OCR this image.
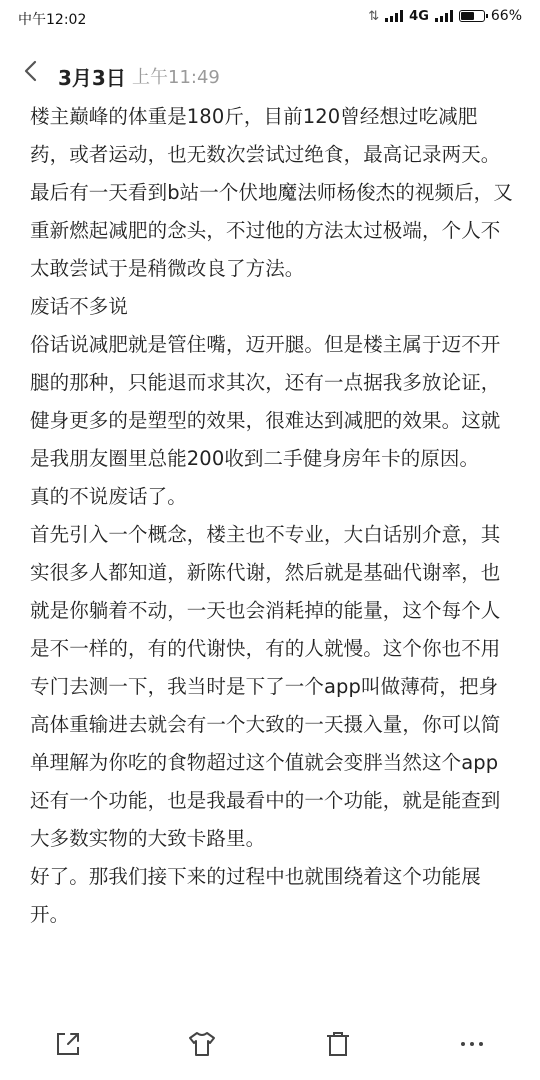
中午12:02	⇅ 4G	66%
3月3日 上午11:49

楼主巅峰的体重是180斤，目前120曾经想过吃减肥药，或者运动，也无数次尝试过绝食，最高记录两天。最后有一天看到b站一个伏地魔法师杨俊杰的视频后，又重新燃起减肥的念头，不过他的方法太过极端，个人不太敢尝试于是稍微改良了方法。

废话不多说

俗话说减肥就是管住嘴，迈开腿。但是楼主属于迈不开腿的那种，只能退而求其次，还有一点据我多放论证，健身更多的是塑型的效果，很难达到减肥的效果。这就是我朋友圈里总能200收到二手健身房年卡的原因。

真的不说废话了。

首先引入一个概念，楼主也不专业，大白话别介意，其实很多人都知道，新陈代谢，然后就是基础代谢率，也就是你躺着不动，一天也会消耗掉的能量，这个每个人是不一样的，有的代谢快，有的人就慢。这个你也不用专门去测一下，我当时是下了一个app叫做薄荷，把身高体重输进去就会有一个大致的一天摄入量，你可以简单理解为你吃的食物超过这个值就会变胖当然这个app还有一个功能，也是我最看中的一个功能，就是能查到大多数实物的大致卡路里。

好了。那我们接下来的过程中也就围绕着这个功能展开。
